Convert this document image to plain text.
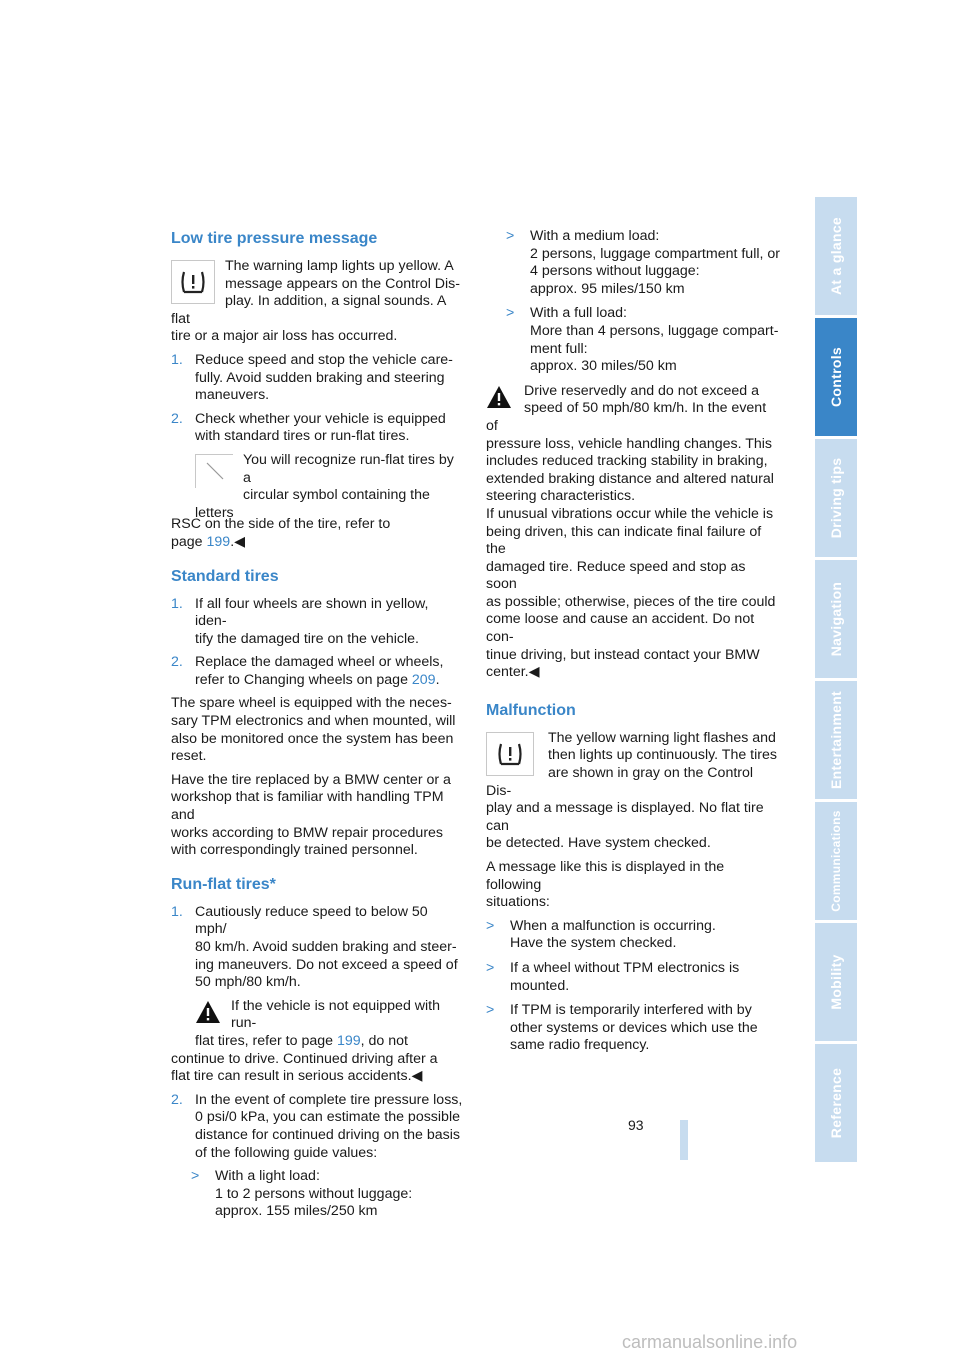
Low tire pressure message
The warning lamp lights up yellow. A
message appears on the Control Dis-
play. In addition, a signal sounds. A flat
tire or a major air loss has occurred.
1. Reduce speed and stop the vehicle care-
fully. Avoid sudden braking and steering
maneuvers.
2. Check whether your vehicle is equipped
with standard tires or run-flat tires.
You will recognize run-flat tires by a
circular symbol containing the letters
RSC on the side of the tire, refer to

page 199.◀

Standard tires
1. If all four wheels are shown in yellow, iden-
tify the damaged tire on the vehicle.
2. Replace the damaged wheel or wheels,
refer to Changing wheels on page 209.

The spare wheel is equipped with the neces-
sary TPM electronics and when mounted, will
also be monitored once the system has been
reset.

Have the tire replaced by a BMW center or a
workshop that is familiar with handling TPM and
works according to BMW repair procedures
with correspondingly trained personnel.

Run-flat tires*
1. Cautiously reduce speed to below 50 mph/
80 km/h. Avoid sudden braking and steer-
ing maneuvers. Do not exceed a speed of
50 mph/80 km/h.
If the vehicle is not equipped with run-
flat tires, refer to page 199, do not

continue to drive. Continued driving after a
flat tire can result in serious accidents.◀

2. In the event of complete tire pressure loss,
0 psi/0 kPa, you can estimate the possible
distance for continued driving on the basis
of the following guide values:
> With a light load:
1 to 2 persons without luggage:
approx. 155 miles/250 km
> With a medium load:
2 persons, luggage compartment full, or
4 persons without luggage:
approx. 95 miles/150 km
> With a full load:
More than 4 persons, luggage compart-
ment full:
approx. 30 miles/50 km
Drive reservedly and do not exceed a
speed of 50 mph/80 km/h. In the event of
pressure loss, vehicle handling changes. This
includes reduced tracking stability in braking,
extended braking distance and altered natural
steering characteristics.
If unusual vibrations occur while the vehicle is
being driven, this can indicate final failure of the
damaged tire. Reduce speed and stop as soon
as possible; otherwise, pieces of the tire could
come loose and cause an accident. Do not con-
tinue driving, but instead contact your BMW
center.◀
Malfunction
The yellow warning light flashes and
then lights up continuously. The tires
are shown in gray on the Control Dis-
play and a message is displayed. No flat tire can
be detected. Have system checked.

A message like this is displayed in the following
situations:

> When a malfunction is occurring.
Have the system checked.
> If a wheel without TPM electronics is
mounted.
> If TPM is temporarily interfered with by
other systems or devices which use the
same radio frequency.
At a glance
Controls
Driving tips
Navigation
Entertainment
Communications
Mobility
Reference
93
carmanualsonline.info
